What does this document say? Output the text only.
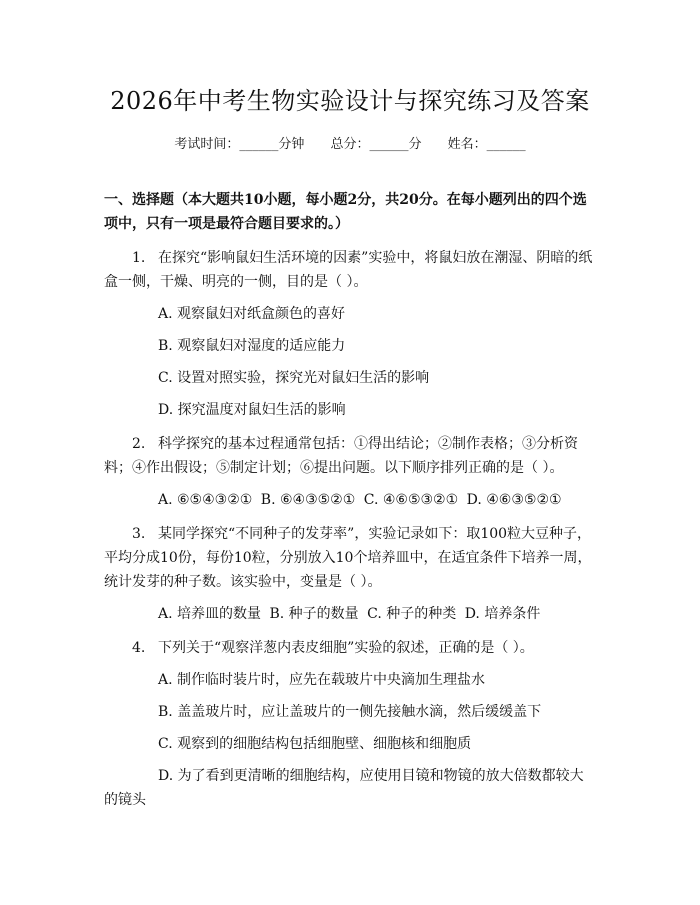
2026年中考生物实验设计与探究练习及答案
考试时间：______分钟 总分：______分 姓名：______
一、选择题（本大题共10小题，每小题2分，共20分。在每小题列出的四个选项中，只有一项是最符合题目要求的。）
1. 在探究“影响鼠妇生活环境的因素”实验中，将鼠妇放在潮湿、阴暗的纸盒一侧，干燥、明亮的一侧，目的是（ ）。
A. 观察鼠妇对纸盒颜色的喜好
B. 观察鼠妇对湿度的适应能力
C. 设置对照实验，探究光对鼠妇生活的影响
D. 探究温度对鼠妇生活的影响
2. 科学探究的基本过程通常包括：①得出结论；②制作表格；③分析资料；④作出假设；⑤制定计划；⑥提出问题。以下顺序排列正确的是（ ）。
A. ⑥⑤④③②① B. ⑥④③⑤②① C. ④⑥⑤③②① D. ④⑥③⑤②①
3. 某同学探究“不同种子的发芽率”，实验记录如下：取100粒大豆种子，平均分成10份，每份10粒，分别放入10个培养皿中，在适宜条件下培养一周，统计发芽的种子数。该实验中，变量是（ ）。
A. 培养皿的数量 B. 种子的数量 C. 种子的种类 D. 培养条件
4. 下列关于“观察洋葱内表皮细胞”实验的叙述，正确的是（ ）。
A. 制作临时装片时，应先在载玻片中央滴加生理盐水
B. 盖盖玻片时，应让盖玻片的一侧先接触水滴，然后缓缓盖下
C. 观察到的细胞结构包括细胞壁、细胞核和细胞质
D. 为了看到更清晰的细胞结构，应使用目镜和物镜的放大倍数都较大的镜头
